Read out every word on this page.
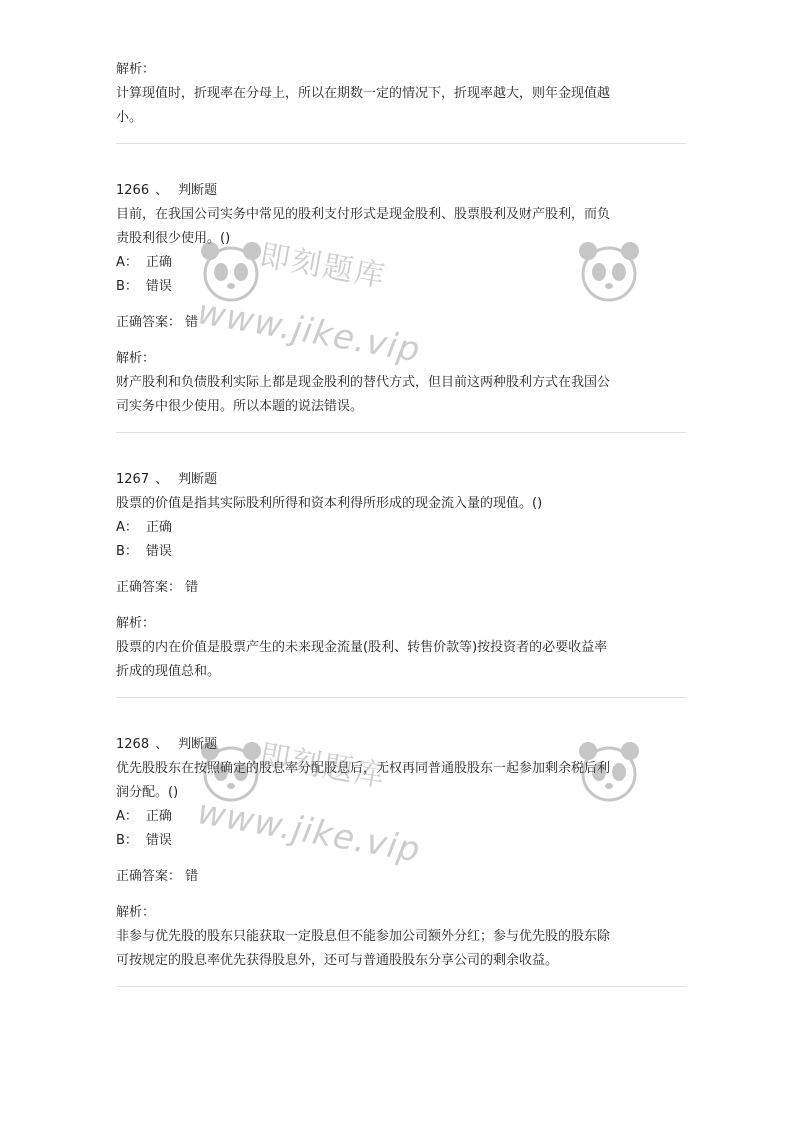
解析：

计算现值时，折现率在分母上，所以在期数一定的情况下，折现率越大，则年金现值越

小。

1266 、 判断题

目前，在我国公司实务中常见的股利支付形式是现金股利、股票股利及财产股利，而负

责股利很少使用。()

A： 正确

B： 错误

正确答案： 错

解析：

财产股利和负债股利实际上都是现金股利的替代方式，但目前这两种股利方式在我国公

司实务中很少使用。所以本题的说法错误。

1267 、 判断题

股票的价值是指其实际股利所得和资本利得所形成的现金流入量的现值。()

A： 正确

B： 错误

正确答案： 错

解析：

股票的内在价值是股票产生的未来现金流量(股利、转售价款等)按投资者的必要收益率

折成的现值总和。

1268 、 判断题

优先股股东在按照确定的股息率分配股息后，无权再同普通股股东一起参加剩余税后利

润分配。()

A： 正确

B： 错误

正确答案： 错

解析：

非参与优先股的股东只能获取一定股息但不能参加公司额外分红；参与优先股的股东除

可按规定的股息率优先获得股息外，还可与普通股股东分享公司的剩余收益。

即刻题库
www.jike.vip
即刻题库
www.jike.vip
